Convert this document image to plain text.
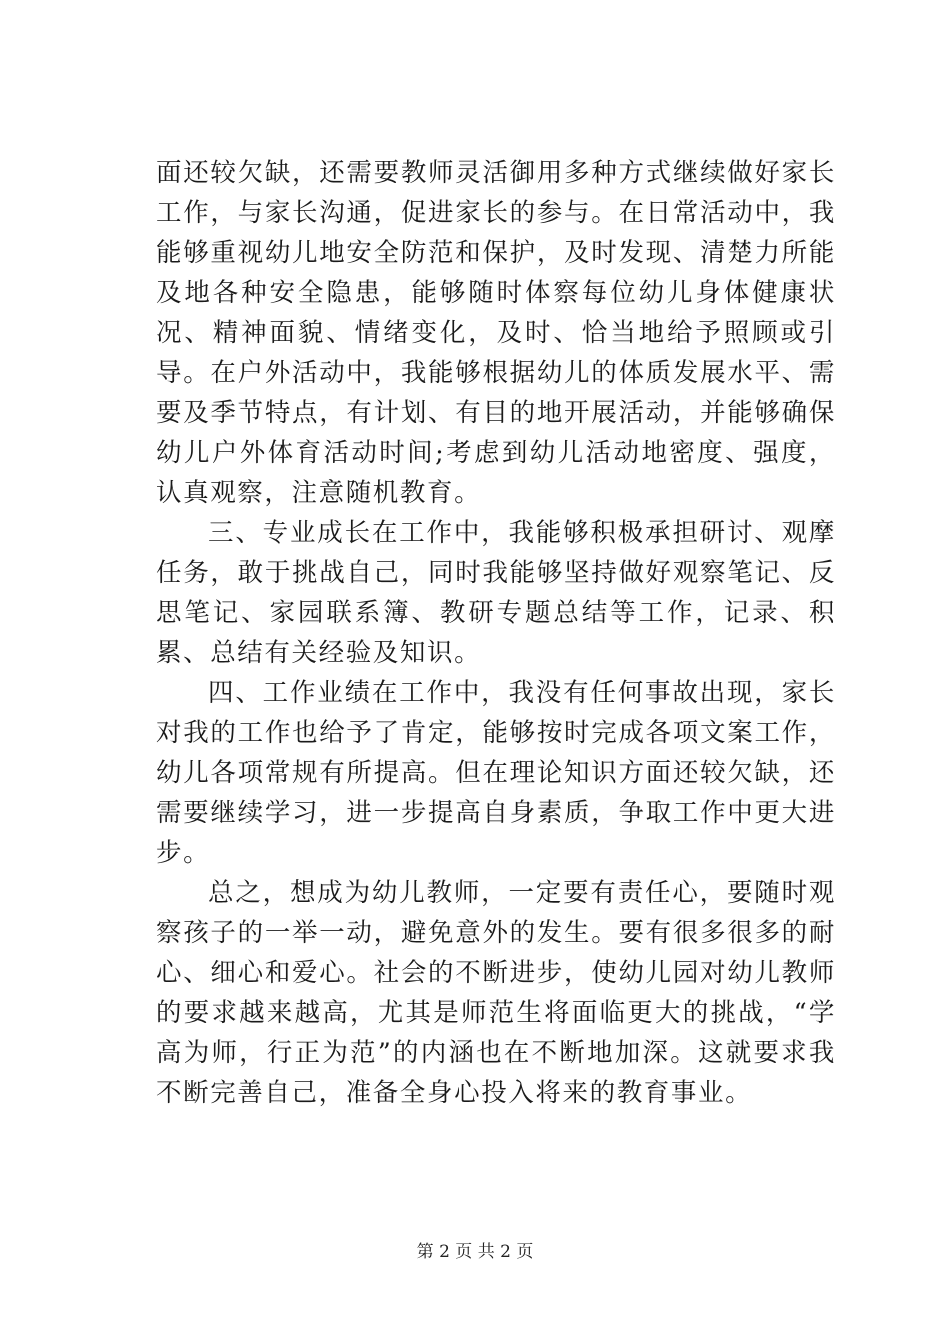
面还较欠缺，还需要教师灵活御用多种方式继续做好家长工作，与家长沟通，促进家长的参与。在日常活动中，我能够重视幼儿地安全防范和保护，及时发现、清楚力所能及地各种安全隐患，能够随时体察每位幼儿身体健康状况、精神面貌、情绪变化，及时、恰当地给予照顾或引导。在户外活动中，我能够根据幼儿的体质发展水平、需要及季节特点，有计划、有目的地开展活动，并能够确保幼儿户外体育活动时间;考虑到幼儿活动地密度、强度，认真观察，注意随机教育。

三、专业成长在工作中，我能够积极承担研讨、观摩任务，敢于挑战自己，同时我能够坚持做好观察笔记、反思笔记、家园联系簿、教研专题总结等工作，记录、积累、总结有关经验及知识。

四、工作业绩在工作中，我没有任何事故出现，家长对我的工作也给予了肯定，能够按时完成各项文案工作，幼儿各项常规有所提高。但在理论知识方面还较欠缺，还需要继续学习，进一步提高自身素质，争取工作中更大进步。

总之，想成为幼儿教师，一定要有责任心，要随时观察孩子的一举一动，避免意外的发生。要有很多很多的耐心、细心和爱心。社会的不断进步，使幼儿园对幼儿教师的要求越来越高，尤其是师范生将面临更大的挑战，“学高为师，行正为范”的内涵也在不断地加深。这就要求我不断完善自己，准备全身心投入将来的教育事业。

第 2 页 共 2 页
